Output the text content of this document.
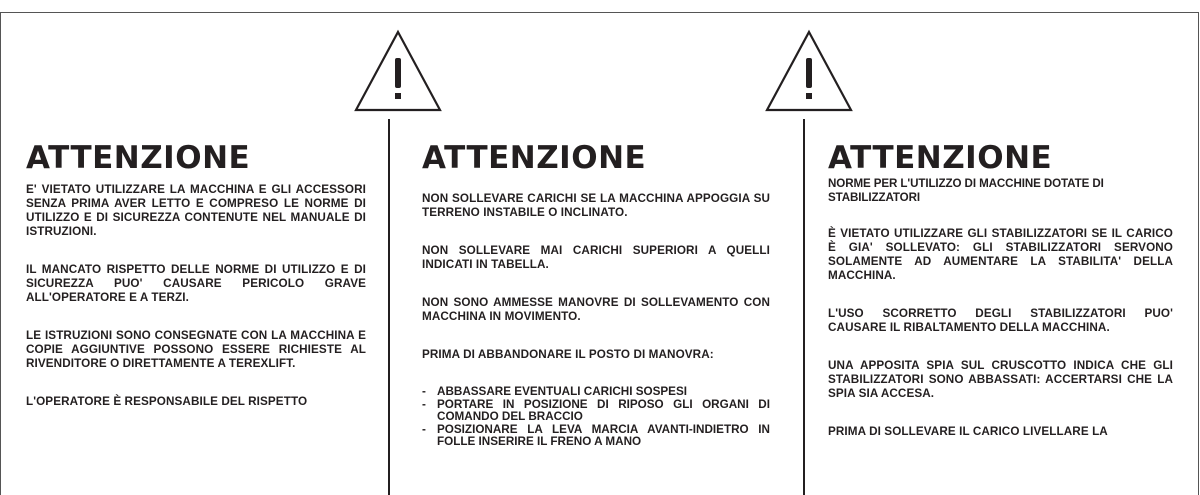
ATTENZIONE

E' VIETATO UTILIZZARE LA MACCHINA E GLI ACCESSORI SENZA PRIMA AVER LETTO E COMPRESO LE NORME DI UTILIZZO E DI SICUREZZA CONTENUTE NEL MANUALE DI ISTRUZIONI.

IL MANCATO RISPETTO DELLE NORME DI UTILIZZO E DI SICUREZZA PUO' CAUSARE PERICOLO GRAVE ALL'OPERATORE E A TERZI.

LE ISTRUZIONI SONO CONSEGNATE CON LA MACCHINA E COPIE AGGIUNTIVE POSSONO ESSERE RICHIESTE AL RIVENDITORE O DIRETTAMENTE A TEREXLIFT.

L'OPERATORE È RESPONSABILE DEL RISPETTO

ATTENZIONE

NON SOLLEVARE CARICHI SE LA MACCHINA APPOGGIA SU TERRENO INSTABILE O INCLINATO.

NON SOLLEVARE MAI CARICHI SUPERIORI A QUELLI INDICATI IN TABELLA.

NON SONO AMMESSE MANOVRE DI SOLLEVAMENTO CON MACCHINA IN MOVIMENTO.

PRIMA DI ABBANDONARE IL POSTO DI MANOVRA:

- ABBASSARE EVENTUALI CARICHI SOSPESI
- PORTARE IN POSIZIONE DI RIPOSO GLI ORGANI DI COMANDO DEL BRACCIO
- POSIZIONARE LA LEVA MARCIA AVANTI-INDIETRO IN FOLLE INSERIRE IL FRENO A MANO
ATTENZIONE

NORME PER L'UTILIZZO DI MACCHINE DOTATE DI STABILIZZATORI

È VIETATO UTILIZZARE GLI STABILIZZATORI SE IL CARICO È GIA' SOLLEVATO: GLI STABILIZZATORI SERVONO SOLAMENTE AD AUMENTARE LA STABILITA' DELLA MACCHINA.

L'USO SCORRETTO DEGLI STABILIZZATORI PUO' CAUSARE IL RIBALTAMENTO DELLA MACCHINA.

UNA APPOSITA SPIA SUL CRUSCOTTO INDICA CHE GLI STABILIZZATORI SONO ABBASSATI: ACCERTARSI CHE LA SPIA SIA ACCESA.

PRIMA DI SOLLEVARE IL CARICO LIVELLARE LA
